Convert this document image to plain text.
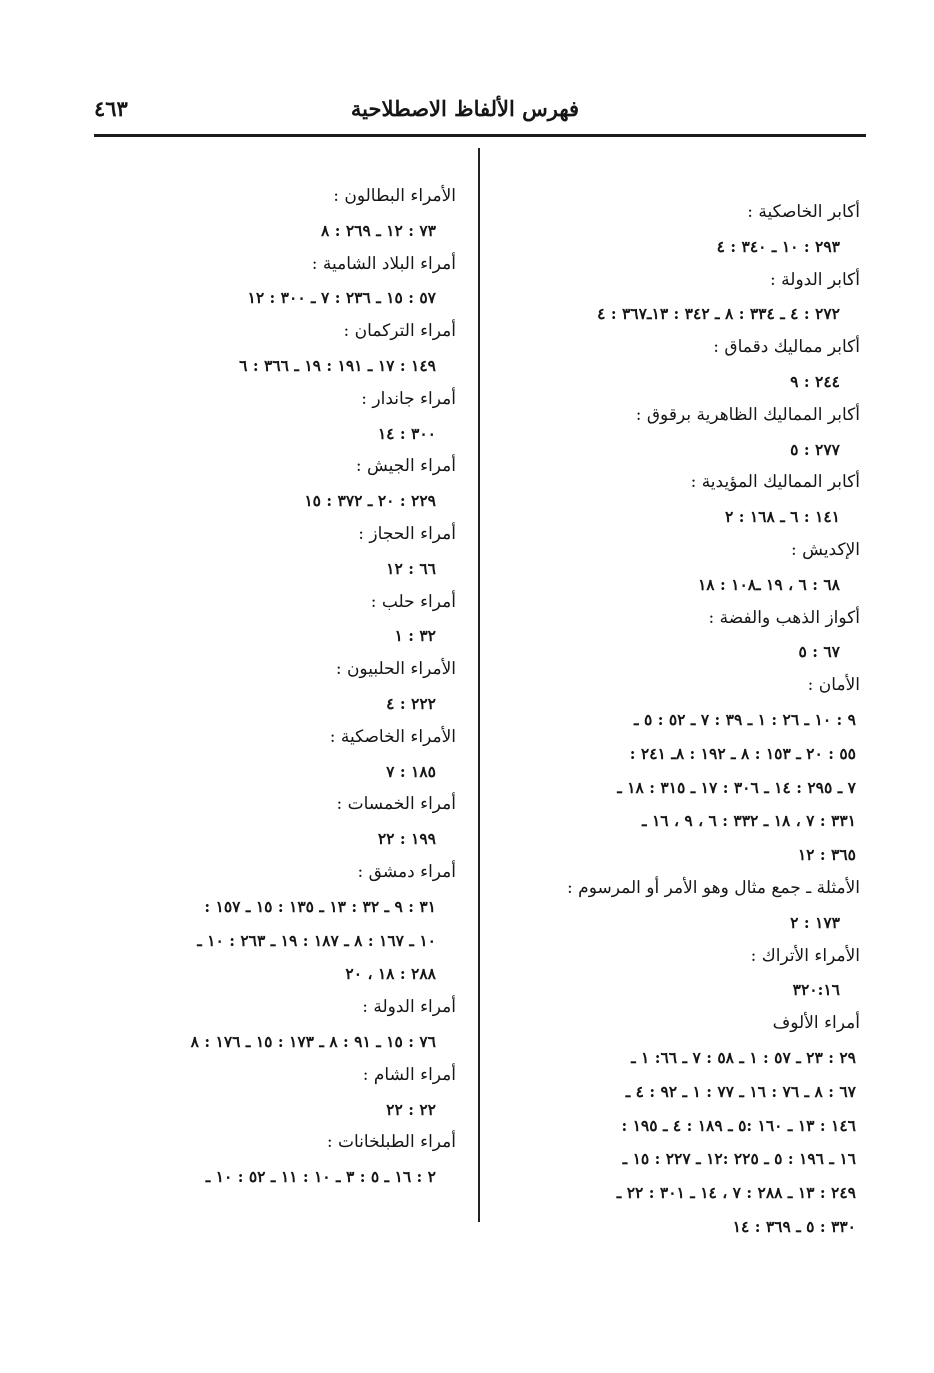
فهرس الألفاظ الاصطلاحية
٤٦٣
أكابر الخاصكية :
٢٩٣ : ١٠ ـ ٣٤٠ : ٤
أكابر الدولة :
٢٧٢ : ٤ ـ ٣٣٤ : ٨ ـ ٣٤٢ : ١٣ـ٣٦٧ : ٤
أكابر مماليك دقماق :
٢٤٤ : ٩
أكابر المماليك الظاهرية برقوق :
٢٧٧ : ٥
أكابر المماليك المؤيدية :
١٤١ : ٦ ـ ١٦٨ : ٢
الإكديش :
٦٨ : ٦ ، ١٩ ـ١٠٨ : ١٨
أكواز الذهب والفضة :
٦٧ : ٥
الأمان :
٩ : ١٠ ـ ٢٦ : ١ ـ ٣٩ : ٧ ـ ٥٢ : ٥ ـ
٥٥ : ٢٠ ـ ١٥٣ : ٨ ـ ١٩٢ : ٨ـ ٢٤١ :
٧ ـ ٢٩٥ : ١٤ ـ ٣٠٦ : ١٧ ـ ٣١٥ : ١٨ ـ
٣٣١ : ٧ ، ١٨ ـ ٣٣٢ : ٦ ، ٩ ، ١٦ ـ
٣٦٥ : ١٢
الأمثلة ـ جمع مثال وهو الأمر أو المرسوم :
١٧٣ : ٢
الأمراء الأتراك :
٣٢٠:١٦
أمراء الألوف
٢٩ : ٢٣ ـ ٥٧ : ١ ـ ٥٨ : ٧ ـ ٦٦: ١ ـ
٦٧ : ٨ ـ ٧٦ : ١٦ ـ ٧٧ : ١ ـ ٩٢ : ٤ ـ
١٤٦ : ١٣ ـ ١٦٠ :٥ ـ ١٨٩ : ٤ ـ ١٩٥ :
١٦ ـ ١٩٦ : ٥ ـ ٢٢٥ :١٢ ـ ٢٢٧ : ١٥ ـ
٢٤٩ : ١٣ ـ ٢٨٨ : ٧ ، ١٤ ـ ٣٠١ : ٢٢ ـ
٣٣٠ : ٥ ـ ٣٦٩ : ١٤
الأمراء البطالون :
٧٣ : ١٢ ـ ٢٦٩ : ٨
أمراء البلاد الشامية :
٥٧ : ١٥ ـ ٢٣٦ : ٧ ـ ٣٠٠ : ١٢
أمراء التركمان :
١٤٩ : ١٧ ـ ١٩١ : ١٩ ـ ٣٦٦ : ٦
أمراء جاندار :
٣٠٠ : ١٤
أمراء الجيش :
٢٢٩ : ٢٠ ـ ٣٧٢ : ١٥
أمراء الحجاز :
٦٦ : ١٢
أمراء حلب :
٣٢ : ١
الأمراء الحلبيون :
٢٢٢ : ٤
الأمراء الخاصكية :
١٨٥ : ٧
أمراء الخمسات :
١٩٩ : ٢٢
أمراء دمشق :
٣١ : ٩ ـ ٣٢ : ١٣ ـ ١٣٥ : ١٥ ـ ١٥٧ :
١٠ ـ ١٦٧ : ٨ ـ ١٨٧ : ١٩ ـ ٢٦٣ : ١٠ ـ
٢٨٨ : ١٨ ، ٢٠
أمراء الدولة :
٧٦ : ١٥ ـ ٩١ : ٨ ـ ١٧٣ : ١٥ ـ ١٧٦ : ٨
أمراء الشام :
٢٢ : ٢٢
أمراء الطبلخانات :
٢ : ١٦ ـ ٥ : ٣ ـ ١٠ : ١١ ـ ٥٢ : ١٠ ـ
